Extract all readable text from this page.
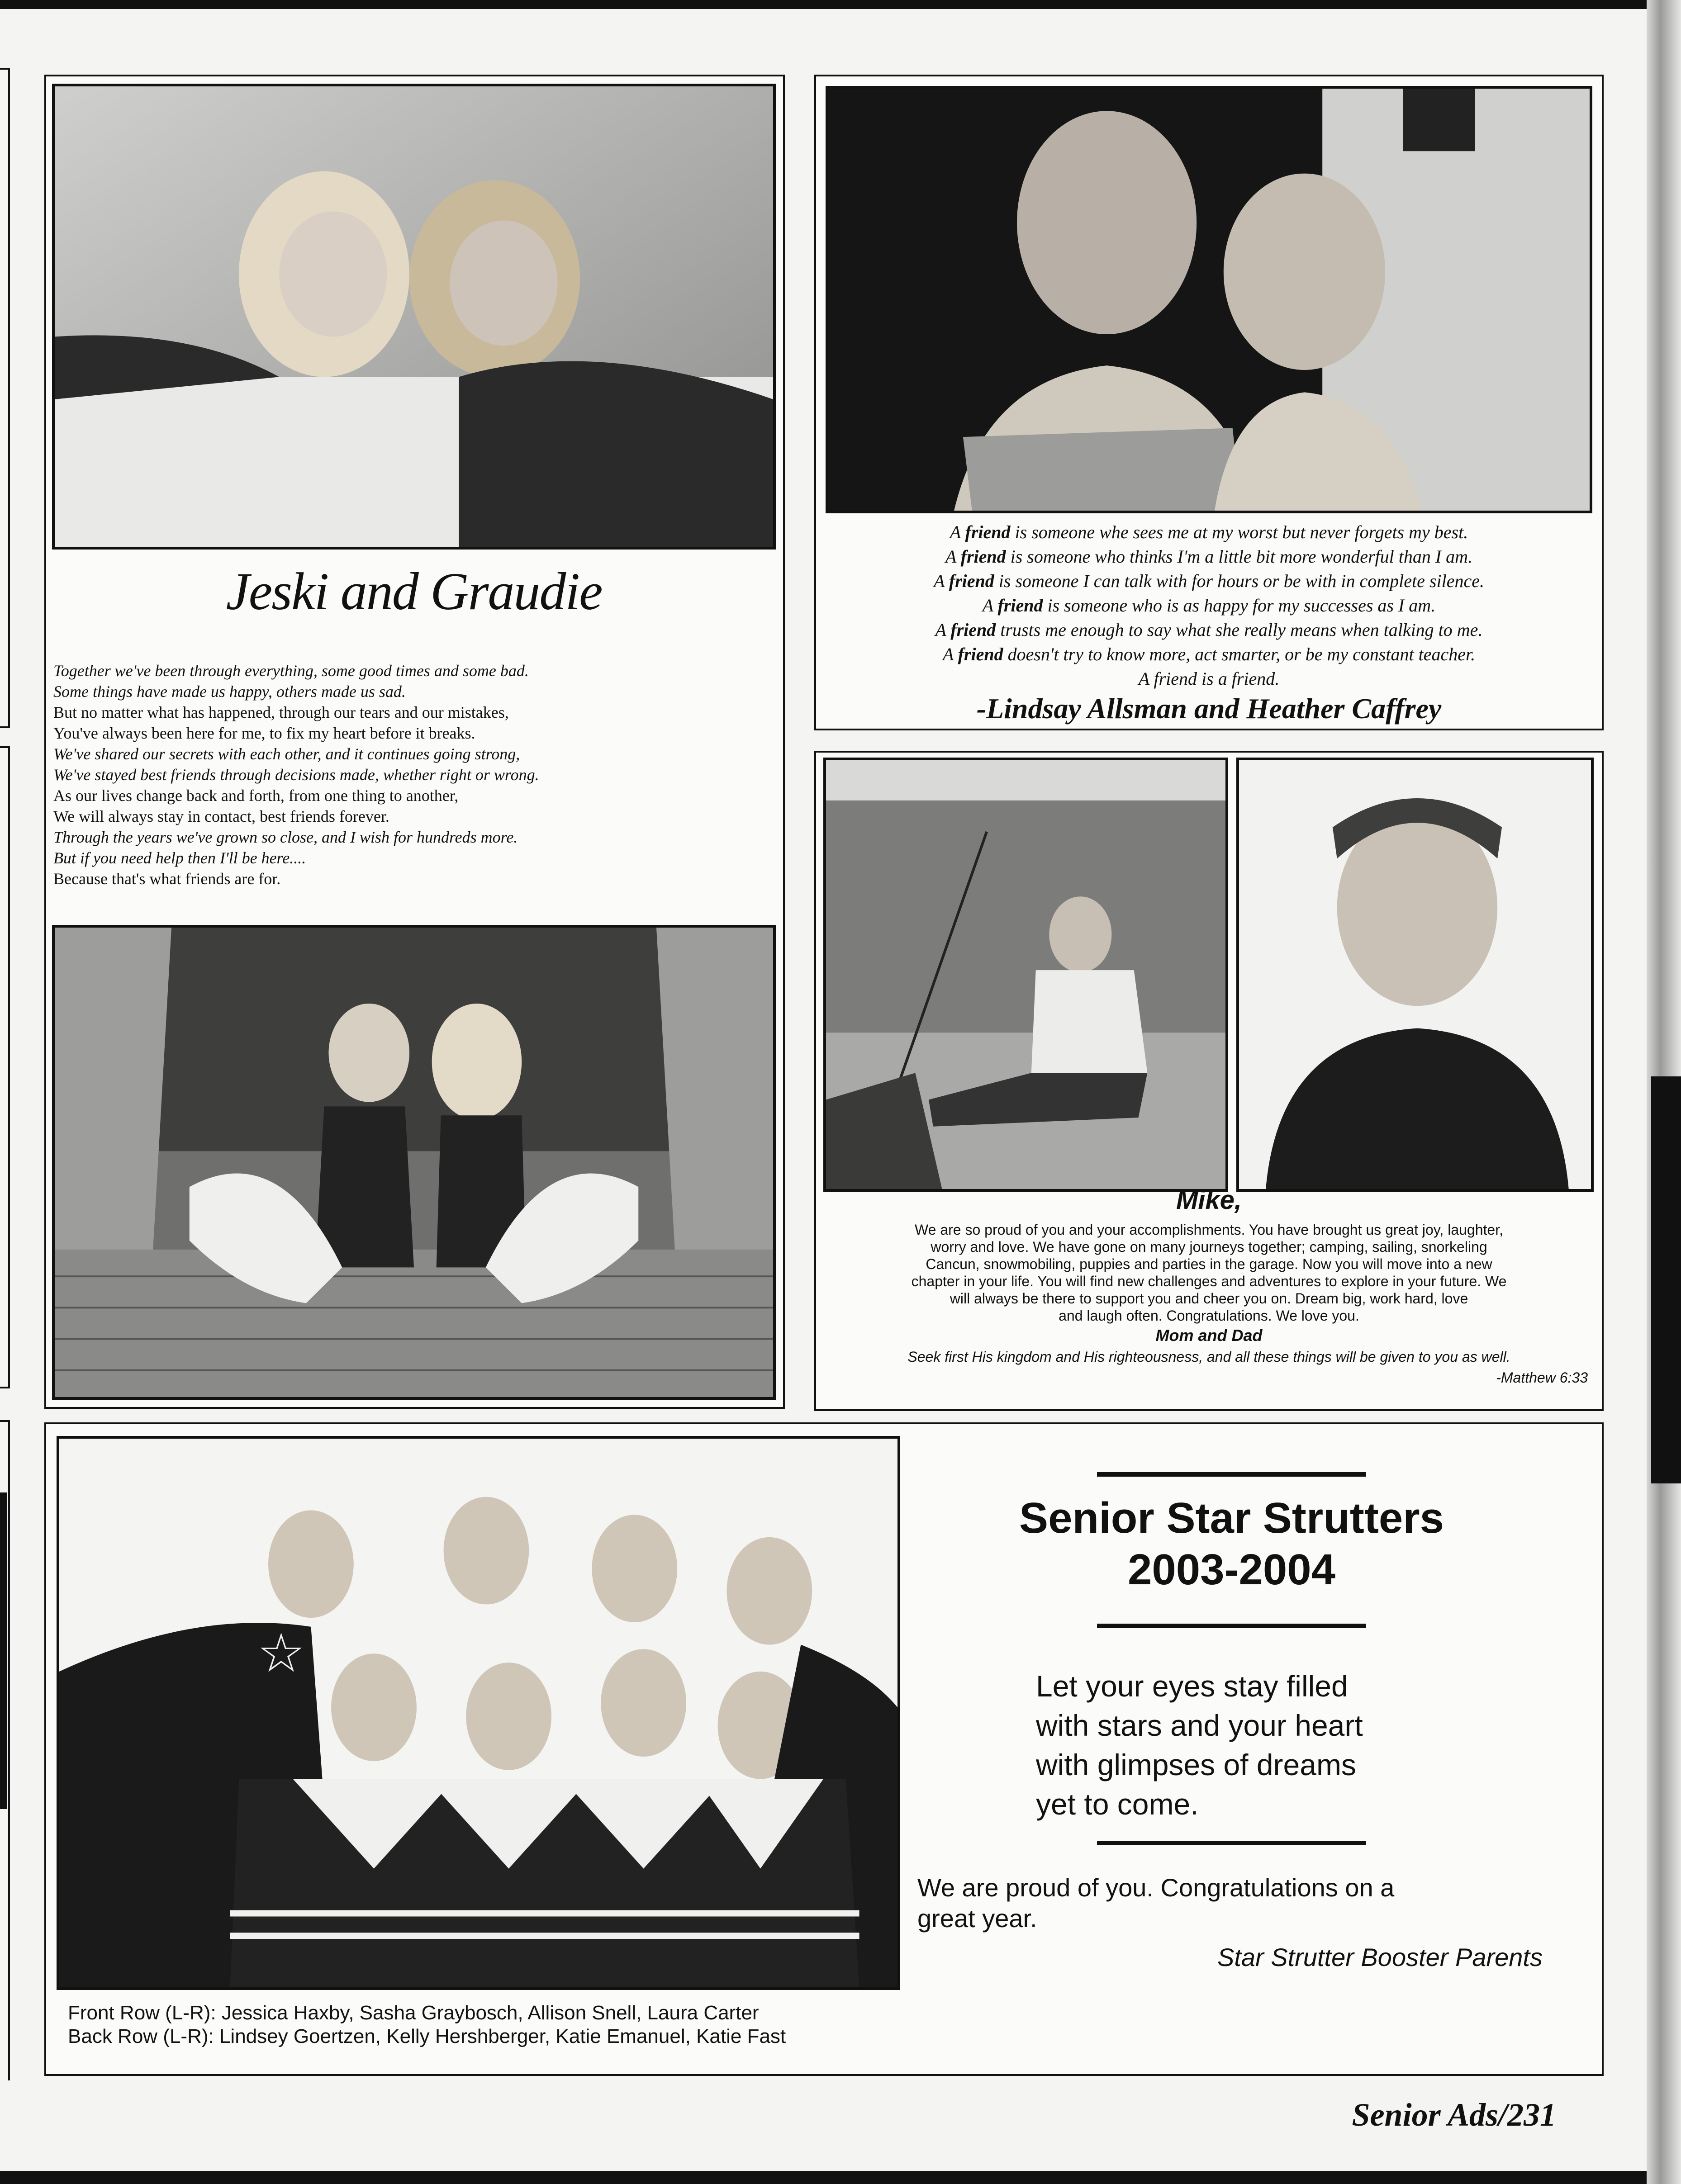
Jeski and Graudie
Together we've been through everything, some good times and some bad.
Some things have made us happy, others made us sad.
But no matter what has happened, through our tears and our mistakes,
You've always been here for me, to fix my heart before it breaks.
We've shared our secrets with each other, and it continues going strong,
We've stayed best friends through decisions made, whether right or wrong.
As our lives change back and forth, from one thing to another,
We will always stay in contact, best friends forever.
Through the years we've grown so close, and I wish for hundreds more.
But if you need help then I'll be here....
Because that's what friends are for.
A friend is someone whe sees me at my worst but never forgets my best.
A friend is someone who thinks I'm a little bit more wonderful than I am.
A friend is someone I can talk with for hours or be with in complete silence.
A friend is someone who is as happy for my successes as I am.
A friend trusts me enough to say what she really means when talking to me.
A friend doesn't try to know more, act smarter, or be my constant teacher.
A friend is a friend.
-Lindsay Allsman and Heather Caffrey
Mike,
We are so proud of you and your accomplishments. You have brought us great joy, laughter,
worry and love. We have gone on many journeys together; camping, sailing, snorkeling
Cancun, snowmobiling, puppies and parties in the garage. Now you will move into a new
chapter in your life. You will find new challenges and adventures to explore in your future. We
will always be there to support you and cheer you on. Dream big, work hard, love
and laugh often. Congratulations. We love you.
Mom and Dad
Seek first His kingdom and His righteousness, and all these things will be given to you as well.
-Matthew 6:33
☆
Front Row (L-R): Jessica Haxby, Sasha Graybosch, Allison Snell, Laura Carter
Back Row (L-R): Lindsey Goertzen, Kelly Hershberger, Katie Emanuel, Katie Fast
Senior Star Strutters
2003-2004
Let your eyes stay filled
with stars and your heart
with glimpses of dreams
yet to come.
We are proud of you. Congratulations on a
great year.
Star Strutter Booster Parents
Senior Ads/231
